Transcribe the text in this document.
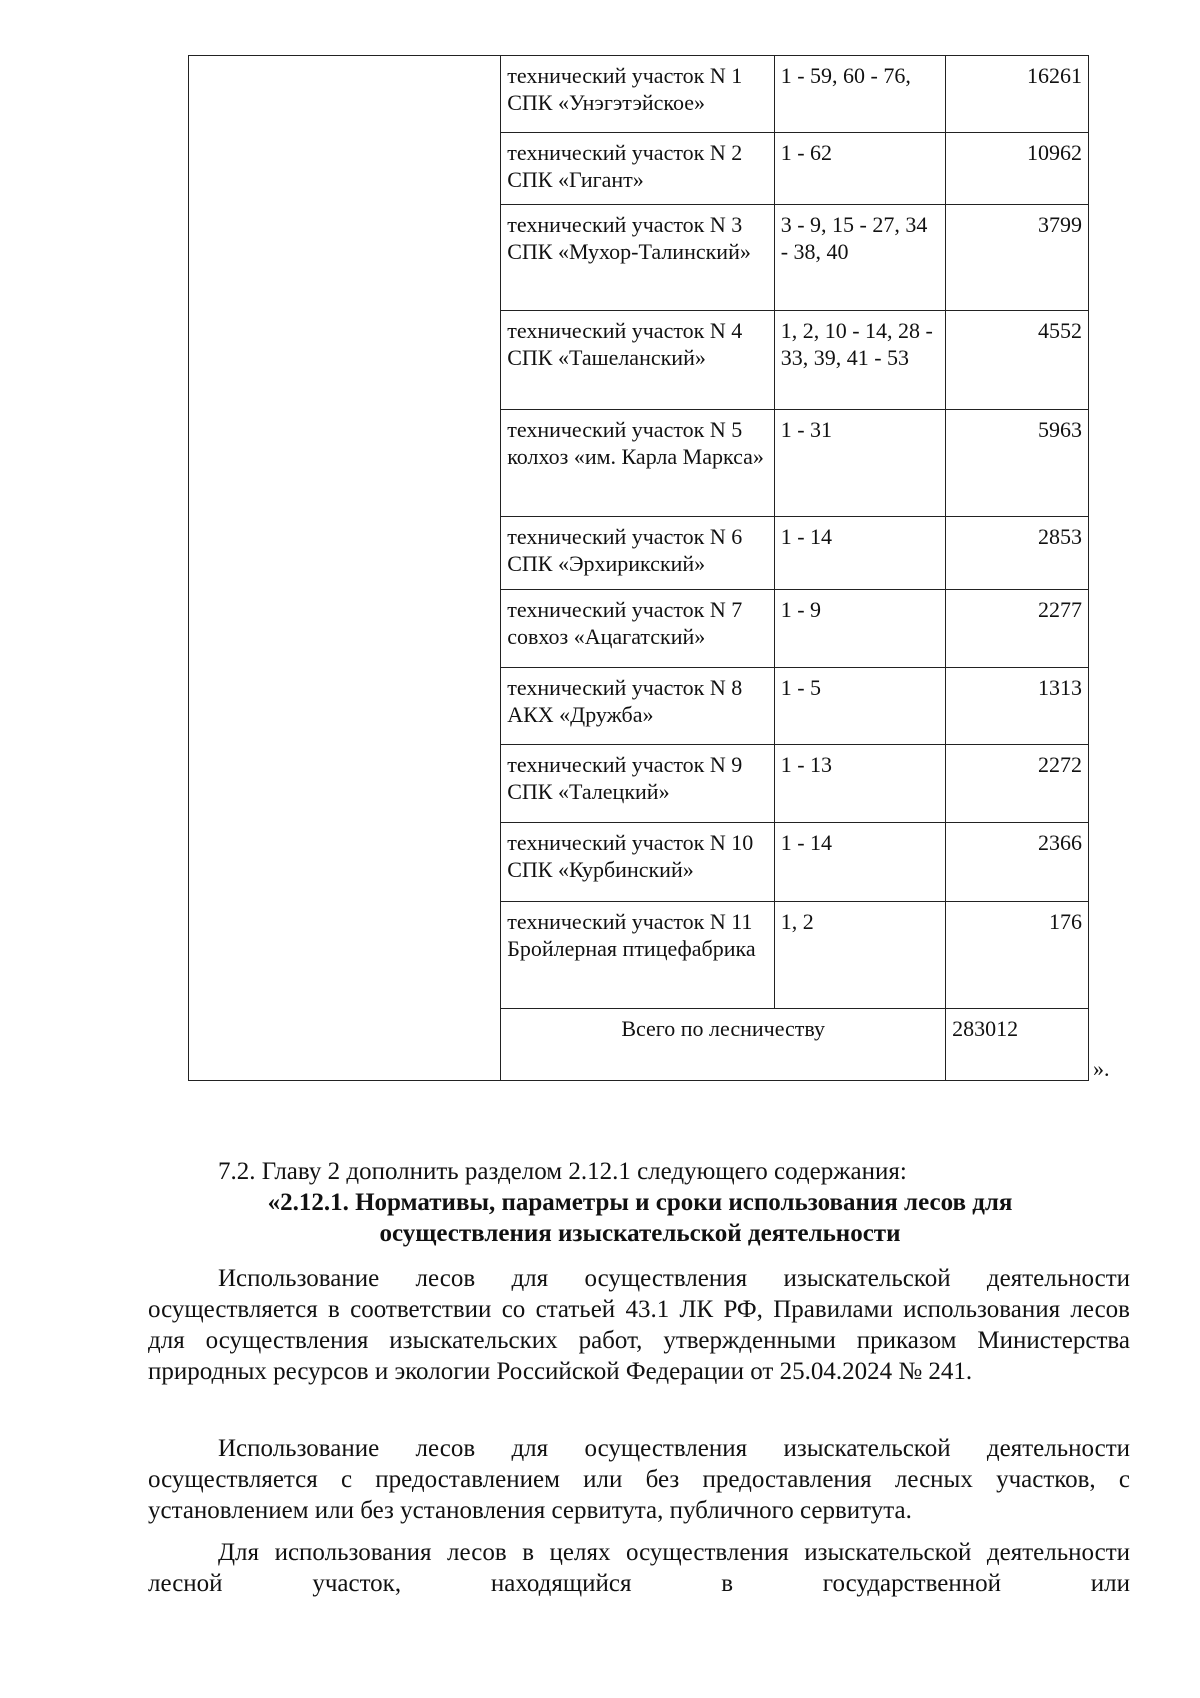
	технический участок N 1 СПК «Унэгэтэйское»	1 - 59, 60 - 76,	16261
	технический участок N 2 СПК «Гигант»	1 - 62	10962
	технический участок N 3 СПК «Мухор-Талинский»	3 - 9, 15 - 27, 34 - 38, 40	3799
	технический участок N 4 СПК «Ташеланский»	1, 2, 10 - 14, 28 - 33, 39, 41 - 53	4552
	технический участок N 5 колхоз «им. Карла Маркса»	1 - 31	5963
	технический участок N 6 СПК «Эрхирикский»	1 - 14	2853
	технический участок N 7 совхоз «Ацагатский»	1 - 9	2277
	технический участок N 8 АКХ «Дружба»	1 - 5	1313
	технический участок N 9 СПК «Талецкий»	1 - 13	2272
	технический участок N 10 СПК «Курбинский»	1 - 14	2366
	технический участок N 11 Бройлерная птицефабрика	1, 2	176
	Всего по лесничеству		283012
».
7.2. Главу 2 дополнить разделом 2.12.1 следующего содержания:
«2.12.1. Нормативы, параметры и сроки использования лесов для
осуществления изыскательской деятельности

Использование лесов для осуществления изыскательской деятельности осуществляется в соответствии со статьей 43.1 ЛК РФ, Правилами использования лесов для осуществления изыскательских работ, утвержденными приказом Министерства природных ресурсов и экологии Российской Федерации от 25.04.2024 № 241.

Использование лесов для осуществления изыскательской деятельности осуществляется с предоставлением или без предоставления лесных участков, с установлением или без установления сервитута, публичного сервитута.

Для использования лесов в целях осуществления изыскательской деятельности лесной участок, находящийся в государственной или
